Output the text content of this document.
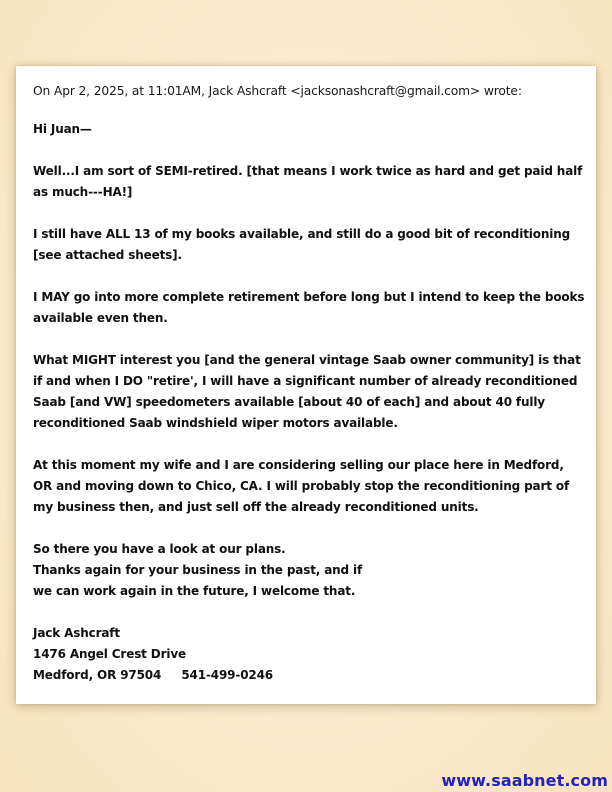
On Apr 2, 2025, at 11:01AM, Jack Ashcraft <jacksonashcraft@gmail.com> wrote:

Hi Juan—

Well...I am sort of SEMI-retired. [that means I work twice as hard and get paid half as much---HA!]

I still have ALL 13 of my books available, and still do a good bit of reconditioning [see attached sheets].

I MAY go into more complete retirement before long but I intend to keep the books available even then.

What MIGHT interest you [and the general vintage Saab owner community] is that if and when I DO "retire', I will have a significant number of already reconditioned Saab [and VW] speedometers available [about 40 of each] and about 40 fully reconditioned Saab windshield wiper motors available.

At this moment my wife and I are considering selling our place here in Medford, OR and moving down to Chico, CA. I will probably stop the reconditioning part of my business then, and just sell off the already reconditioned units.

So there you have a look at our plans.

Thanks again for your business in the past, and if

we can work again in the future, I welcome that.

Jack Ashcraft

1476 Angel Crest Drive

Medford, OR 97504 541-499-0246

www.saabnet.com
